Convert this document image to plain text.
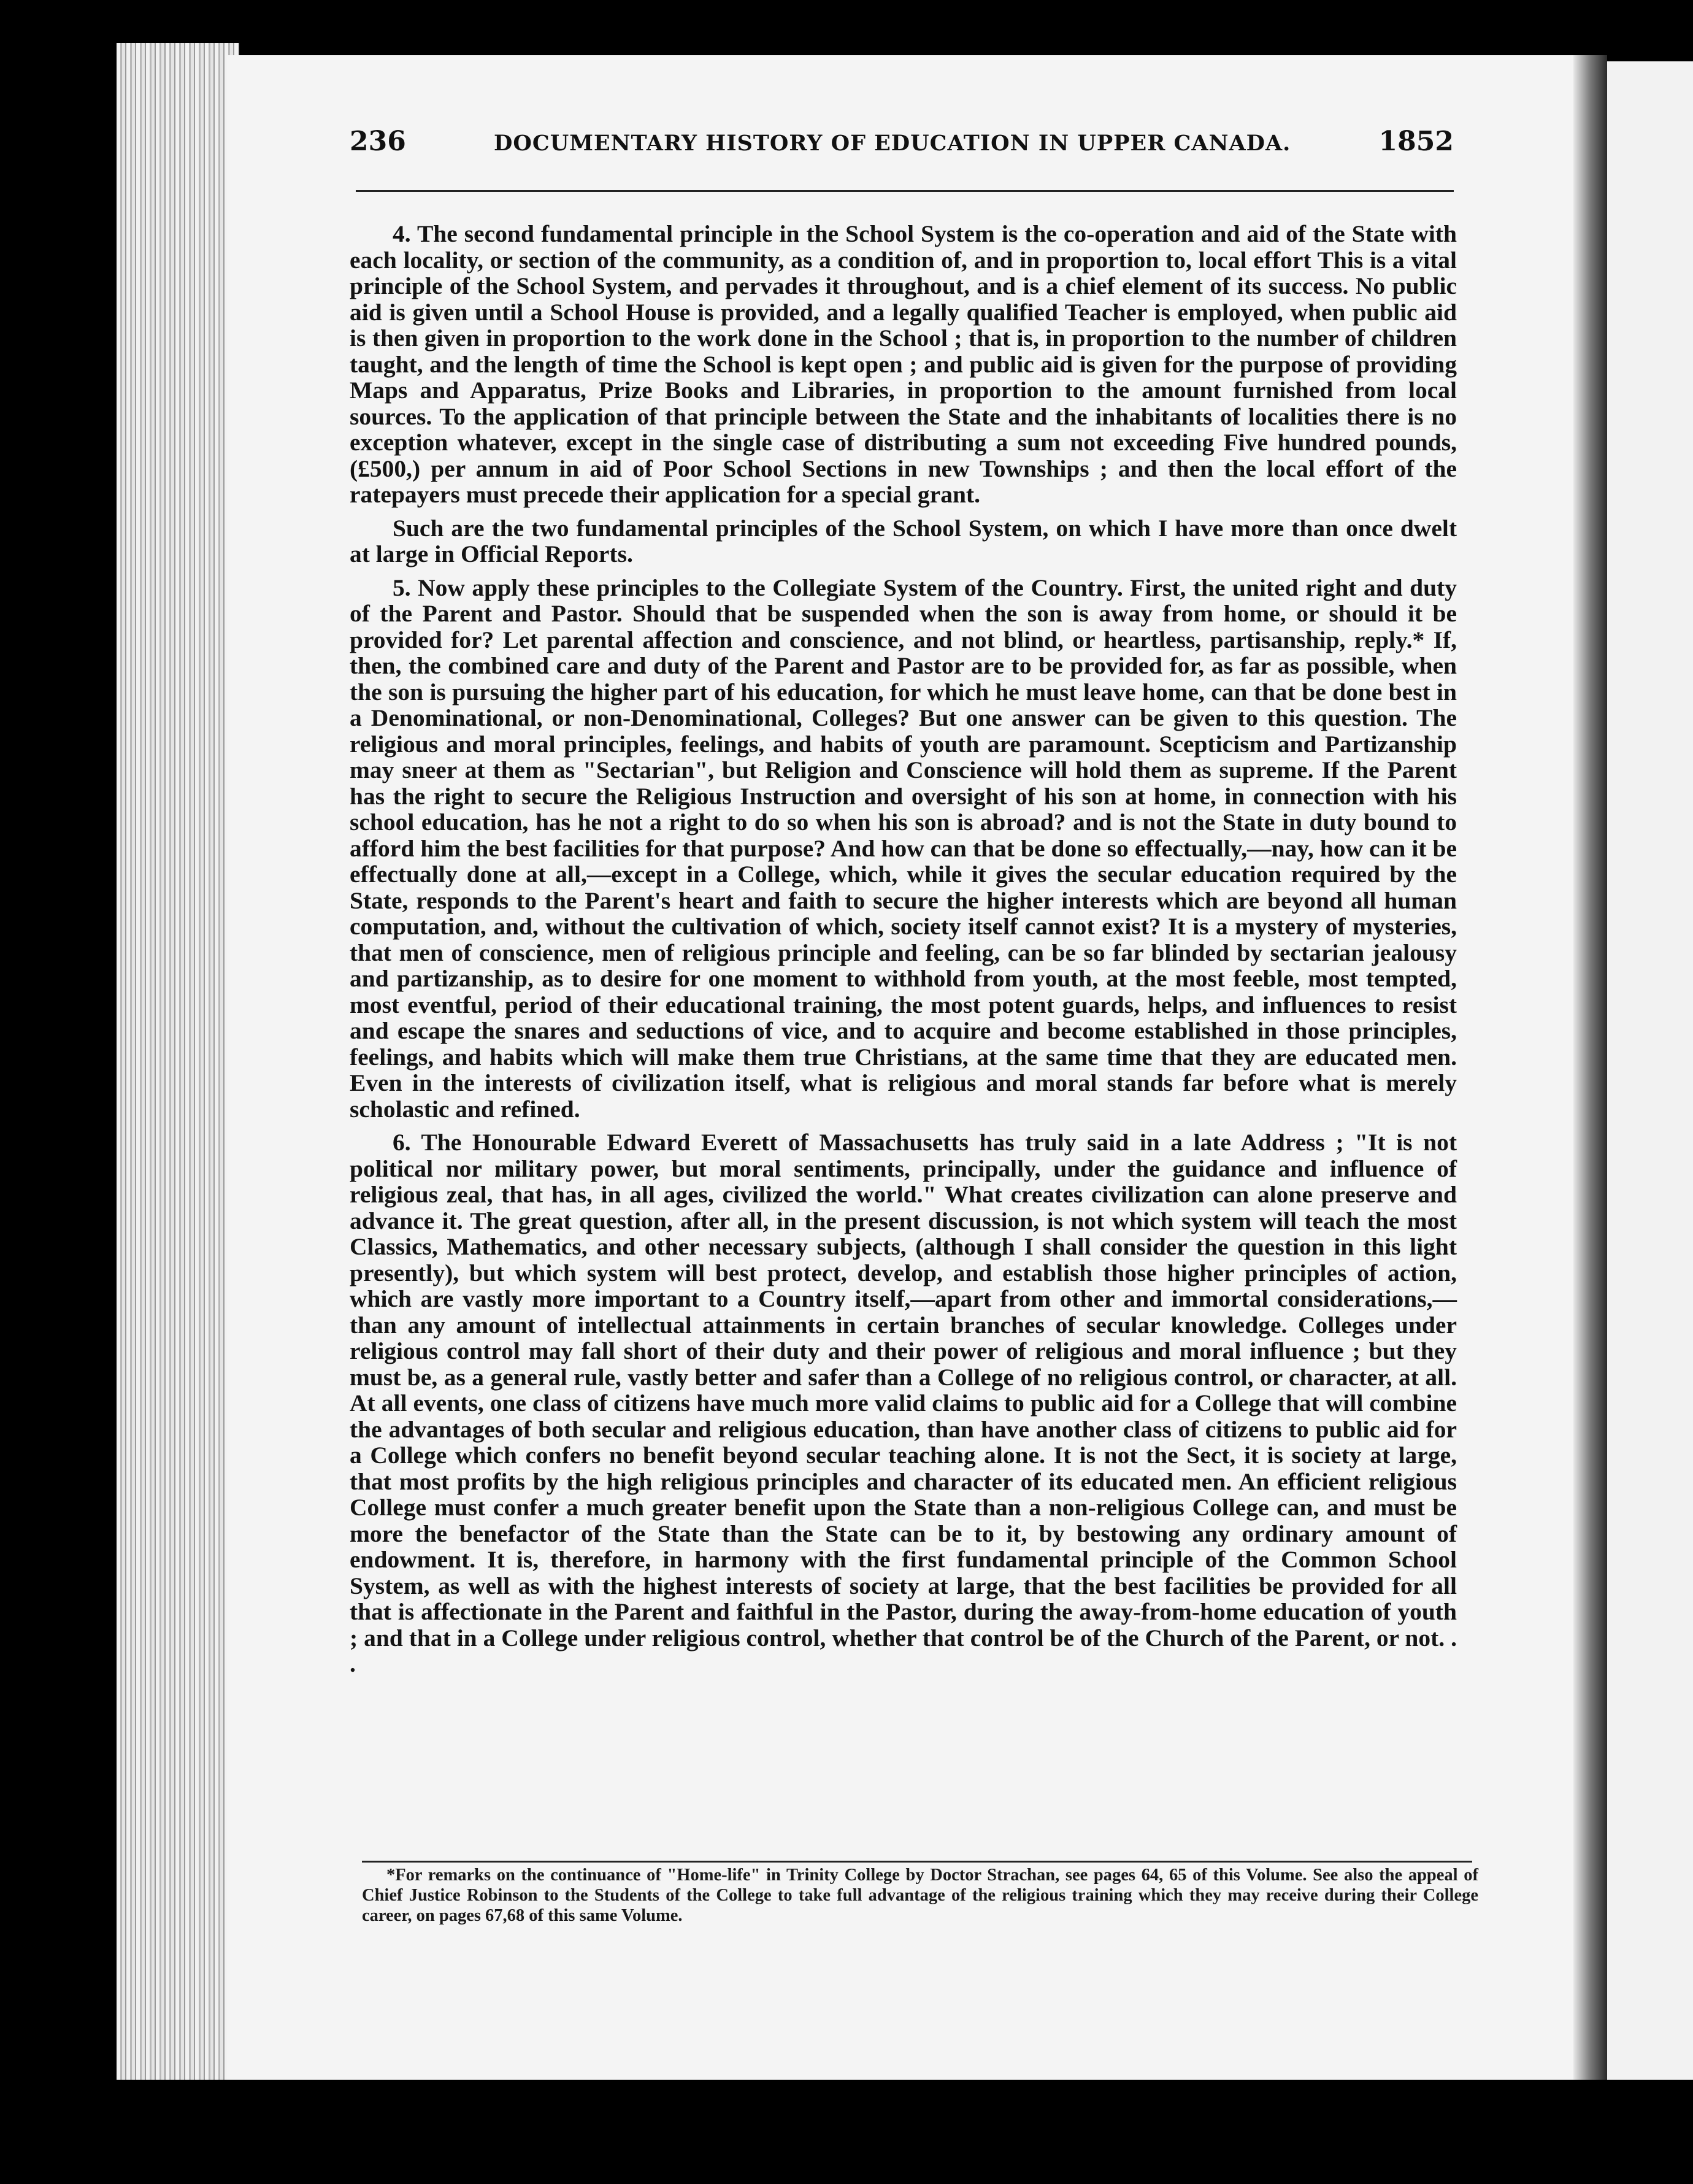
236	DOCUMENTARY HISTORY OF EDUCATION IN UPPER CANADA.	1852

4. The second fundamental principle in the School System is the co-operation and aid of the State with each locality, or section of the community, as a condition of, and in proportion to, local effort This is a vital principle of the School System, and pervades it throughout, and is a chief element of its success. No public aid is given until a School House is provided, and a legally qualified Teacher is employed, when public aid is then given in proportion to the work done in the School ; that is, in proportion to the number of children taught, and the length of time the School is kept open ; and public aid is given for the purpose of providing Maps and Apparatus, Prize Books and Libraries, in proportion to the amount furnished from local sources. To the application of that principle between the State and the inhabitants of localities there is no exception whatever, except in the single case of distributing a sum not exceeding Five hundred pounds, (£500,) per annum in aid of Poor School Sections in new Townships ; and then the local effort of the ratepayers must precede their application for a special grant.

Such are the two fundamental principles of the School System, on which I have more than once dwelt at large in Official Reports.

5. Now apply these principles to the Collegiate System of the Country. First, the united right and duty of the Parent and Pastor. Should that be suspended when the son is away from home, or should it be provided for? Let parental affection and conscience, and not blind, or heartless, partisanship, reply.* If, then, the combined care and duty of the Parent and Pastor are to be provided for, as far as possible, when the son is pursuing the higher part of his education, for which he must leave home, can that be done best in a Denominational, or non-Denominational, Colleges? But one answer can be given to this question. The religious and moral principles, feelings, and habits of youth are paramount. Scepticism and Partizanship may sneer at them as "Sectarian", but Religion and Conscience will hold them as supreme. If the Parent has the right to secure the Religious Instruction and oversight of his son at home, in connection with his school education, has he not a right to do so when his son is abroad? and is not the State in duty bound to afford him the best facilities for that purpose? And how can that be done so effectually,—nay, how can it be effectually done at all,—except in a College, which, while it gives the secular education required by the State, responds to the Parent's heart and faith to secure the higher interests which are beyond all human computation, and, without the cultivation of which, society itself cannot exist? It is a mystery of mysteries, that men of conscience, men of religious principle and feeling, can be so far blinded by sectarian jealousy and partizanship, as to desire for one moment to withhold from youth, at the most feeble, most tempted, most eventful, period of their educational training, the most potent guards, helps, and influences to resist and escape the snares and seductions of vice, and to acquire and become established in those principles, feelings, and habits which will make them true Christians, at the same time that they are educated men. Even in the interests of civilization itself, what is religious and moral stands far before what is merely scholastic and refined.

6. The Honourable Edward Everett of Massachusetts has truly said in a late Address ; "It is not political nor military power, but moral sentiments, principally, under the guidance and influence of religious zeal, that has, in all ages, civilized the world." What creates civilization can alone preserve and advance it. The great question, after all, in the present discussion, is not which system will teach the most Classics, Mathematics, and other necessary subjects, (although I shall consider the question in this light presently), but which system will best protect, develop, and establish those higher principles of action, which are vastly more important to a Country itself,—apart from other and immortal considerations,—than any amount of intellectual attainments in certain branches of secular knowledge. Colleges under religious control may fall short of their duty and their power of religious and moral influence ; but they must be, as a general rule, vastly better and safer than a College of no religious control, or character, at all. At all events, one class of citizens have much more valid claims to public aid for a College that will combine the advantages of both secular and religious education, than have another class of citizens to public aid for a College which confers no benefit beyond secular teaching alone. It is not the Sect, it is society at large, that most profits by the high religious principles and character of its educated men. An efficient religious College must confer a much greater benefit upon the State than a non-religious College can, and must be more the benefactor of the State than the State can be to it, by bestowing any ordinary amount of endowment. It is, therefore, in harmony with the first fundamental principle of the Common School System, as well as with the highest interests of society at large, that the best facilities be provided for all that is affectionate in the Parent and faithful in the Pastor, during the away-from-home education of youth ; and that in a College under religious control, whether that control be of the Church of the Parent, or not. . .

*For remarks on the continuance of "Home-life" in Trinity College by Doctor Strachan, see pages 64, 65 of this Volume. See also the appeal of Chief Justice Robinson to the Students of the College to take full advantage of the religious training which they may receive during their College career, on pages 67,68 of this same Volume.
